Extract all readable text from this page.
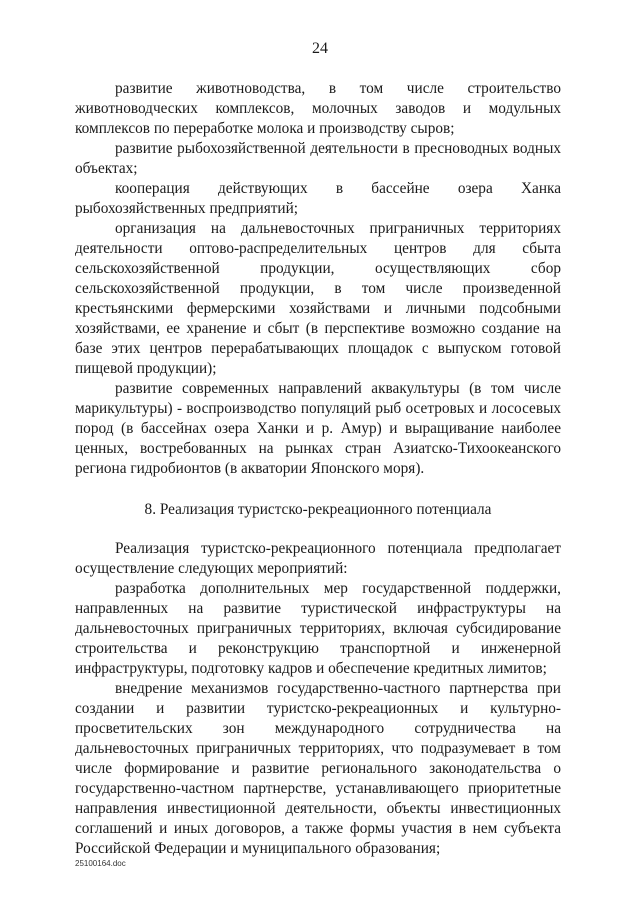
24

развитие животноводства, в том числе строительство животноводческих комплексов, молочных заводов и модульных комплексов по переработке молока и производству сыров;

развитие рыбохозяйственной деятельности в пресноводных водных объектах;

кооперация действующих в бассейне озера Ханка рыбохозяйственных предприятий;

организация на дальневосточных приграничных территориях деятельности оптово-распределительных центров для сбыта сельскохозяйственной продукции, осуществляющих сбор сельскохозяйственной продукции, в том числе произведенной крестьянскими фермерскими хозяйствами и личными подсобными хозяйствами, ее хранение и сбыт (в перспективе возможно создание на базе этих центров перерабатывающих площадок с выпуском готовой пищевой продукции);

развитие современных направлений аквакультуры (в том числе марикультуры) - воспроизводство популяций рыб осетровых и лососевых пород (в бассейнах озера Ханки и р. Амур) и выращивание наиболее ценных, востребованных на рынках стран Азиатско-Тихоокеанского региона гидробионтов (в акватории Японского моря).

8. Реализация туристско-рекреационного потенциала

Реализация туристско-рекреационного потенциала предполагает осуществление следующих мероприятий:

разработка дополнительных мер государственной поддержки, направленных на развитие туристической инфраструктуры на дальневосточных приграничных территориях, включая субсидирование строительства и реконструкцию транспортной и инженерной инфраструктуры, подготовку кадров и обеспечение кредитных лимитов;

внедрение механизмов государственно-частного партнерства при создании и развитии туристско-рекреационных и культурно-просветительских зон международного сотрудничества на дальневосточных приграничных территориях, что подразумевает в том числе формирование и развитие регионального законодательства о государственно-частном партнерстве, устанавливающего приоритетные направления инвестиционной деятельности, объекты инвестиционных соглашений и иных договоров, а также формы участия в нем субъекта Российской Федерации и муниципального образования;

25100164.doc
